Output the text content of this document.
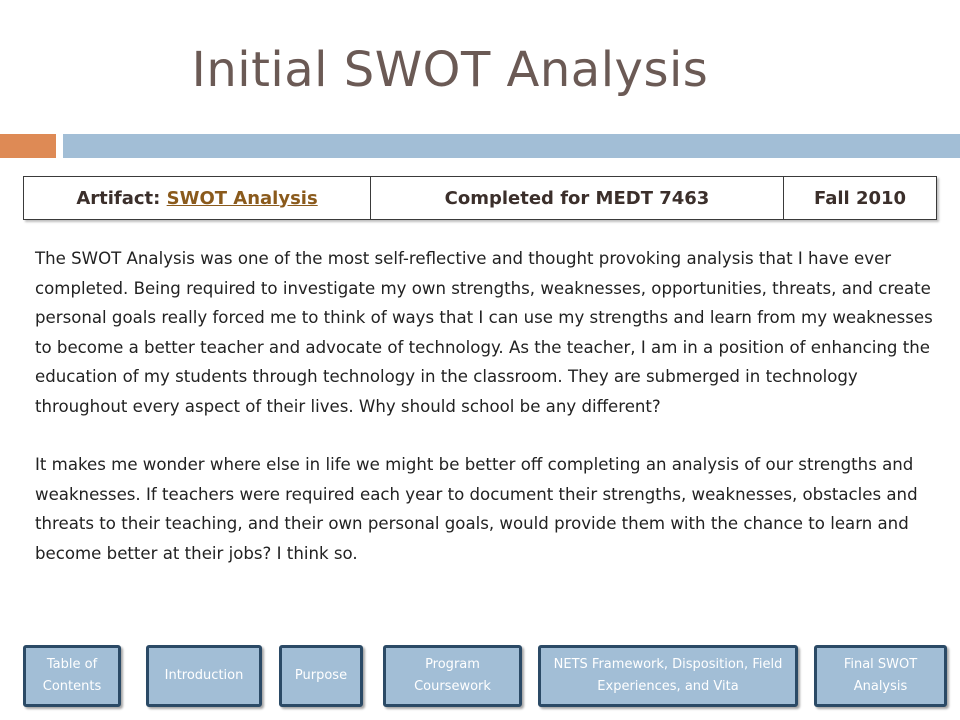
Initial SWOT Analysis
Artifact: SWOT Analysis	Completed for MEDT 7463	Fall 2010

The SWOT Analysis was one of the most self-reflective and thought provoking analysis that I have ever completed. Being required to investigate my own strengths, weaknesses, opportunities, threats, and create personal goals really forced me to think of ways that I can use my strengths and learn from my weaknesses to become a better teacher and advocate of technology. As the teacher, I am in a position of enhancing the education of my students through technology in the classroom. They are submerged in technology throughout every aspect of their lives. Why should school be any different?

It makes me wonder where else in life we might be better off completing an analysis of our strengths and weaknesses. If teachers were required each year to document their strengths, weaknesses, obstacles and threats to their teaching, and their own personal goals, would provide them with the chance to learn and become better at their jobs? I think so.

Table of Contents
Introduction	Purpose
Program Coursework
NETS Framework, Disposition, Field Experiences, and Vita
Final SWOT Analysis
